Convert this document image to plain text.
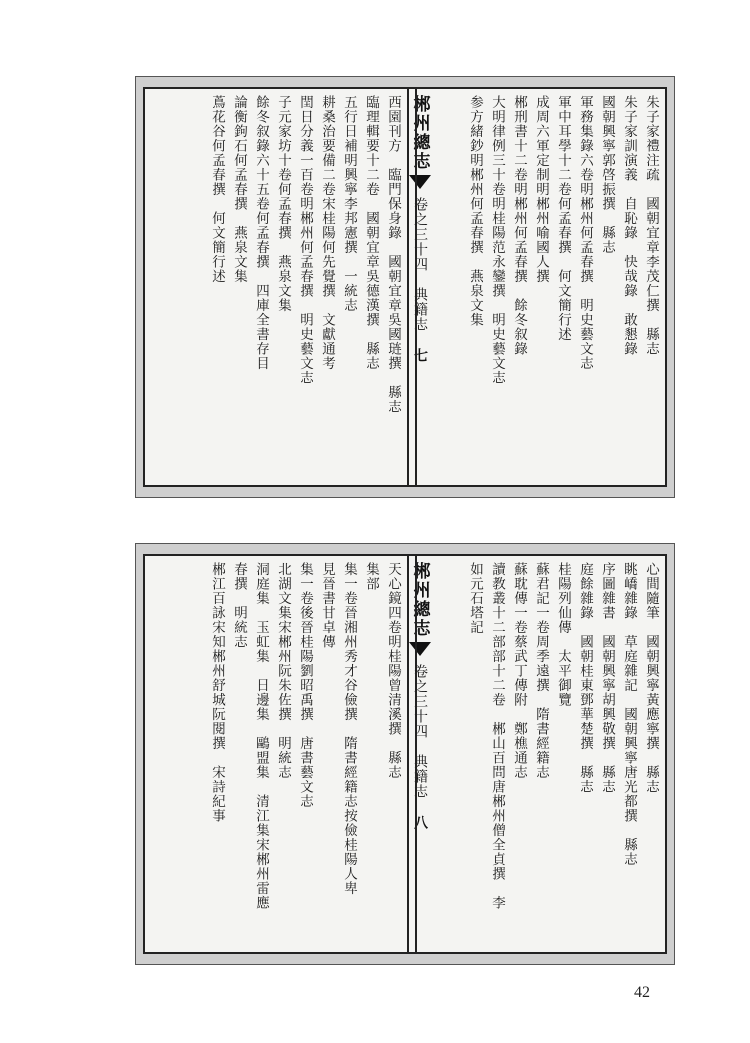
西園刊方　臨門保身錄　國朝宜章吳國琏撰　縣志
臨理輯要十二卷　國朝宜章吳德漢撰　縣志
五行日補明興寧李邦憲撰　一統志
耕桑治要備二卷宋桂陽何先覺撰　文獻通考
閏日分義一百卷明郴州何孟春撰　明史藝文志
子元家坊十卷何孟春撰　燕泉文集
餘冬叙錄六十五卷何孟春撰　四庫全書存目
論衡鉤石何孟春撰　燕泉文集
蔦花谷何孟春撰　何文簡行述	郴州總志
卷之三十四　典籍志
七	朱子家禮注疏　國朝宜章李茂仁撰　縣志
朱子家訓演義　自恥錄　快哉錄　敢懇錄
國朝興寧郭啓振撰　縣志
軍務集錄六卷明郴州何孟春撰　明史藝文志
軍中耳學十二卷何孟春撰　何文簡行述
成周六軍定制明郴州喻國人撰
郴刑書十二卷明郴州何孟春撰　餘冬叙錄
大明律例三十卷明桂陽范永鑾撰　明史藝文志
参方緒鈔明郴州何孟春撰　燕泉文集
天心鏡四卷明桂陽曾清溪撰　縣志
集部
集一卷晉湘州秀才谷儉撰　隋書經籍志按儉桂陽人卑
見晉書甘卓傳
集一卷後晉桂陽劉昭禹撰　唐書藝文志
北湖文集宋郴州阮朱佐撰　明統志
洞庭集　玉虹集　日邊集　鷗盟集　清江集宋郴州雷應
春撰　明統志
郴江百詠宋知郴州舒城阮閱撰　宋詩紀事	郴州總志
卷之三十四　典籍志
八
心間隨筆　國朝興寧黃應寧撰　縣志
眺嶠雜錄　草庭雜記　國朝興寧唐光都撰　縣志
序圖雜書　國朝興寧胡興敬撰　縣志
庭餘雜錄　國朝桂東鄧華楚撰　縣志
桂陽列仙傳　太平御覽
蘇君記一卷周季遠撰　隋書經籍志
蘇耽傳一卷蔡武丁傳附　鄭樵通志
讀教叢十二部部十二卷　郴山百問唐郴州僧全貞撰　李
如元石塔記
42
